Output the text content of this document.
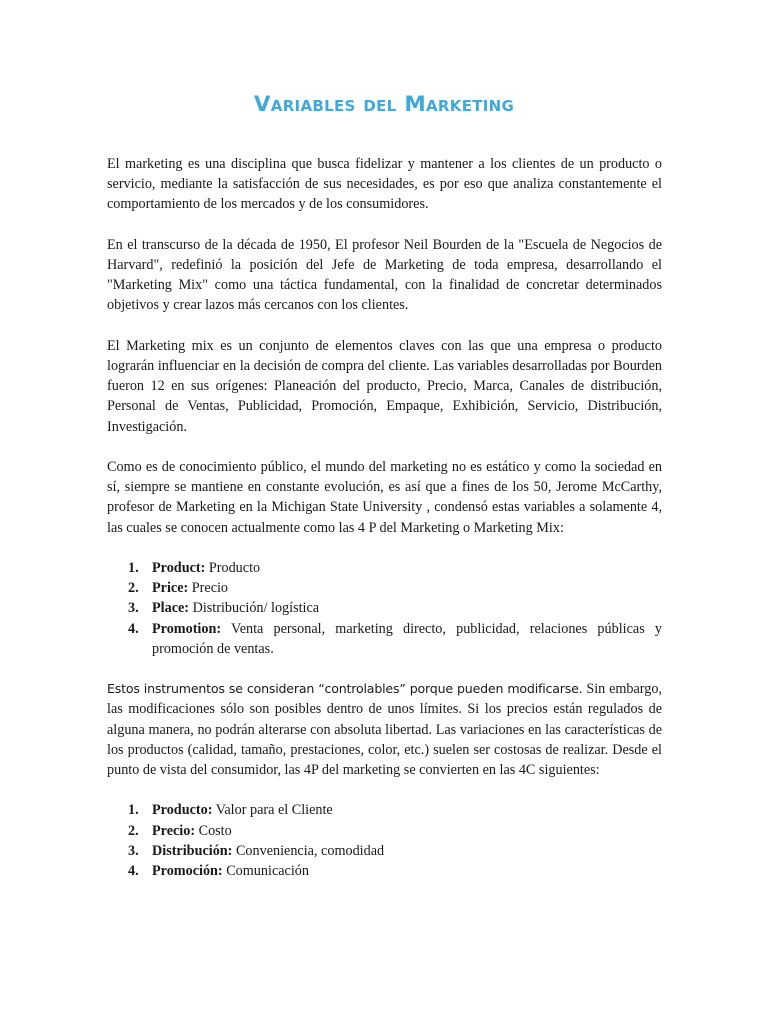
Variables del Marketing

El marketing es una disciplina que busca fidelizar y mantener a los clientes de un producto o servicio, mediante la satisfacción de sus necesidades, es por eso que analiza constantemente el comportamiento de los mercados y de los consumidores.

En el transcurso de la década de 1950, El profesor Neil Bourden de la "Escuela de Negocios de Harvard", redefinió la posición del Jefe de Marketing de toda empresa, desarrollando el "Marketing Mix" como una táctica fundamental, con la finalidad de concretar determinados objetivos y crear lazos más cercanos con los clientes.

El Marketing mix es un conjunto de elementos claves con las que una empresa o producto lograrán influenciar en la decisión de compra del cliente. Las variables desarrolladas por Bourden fueron 12 en sus orígenes: Planeación del producto, Precio, Marca, Canales de distribución, Personal de Ventas, Publicidad, Promoción, Empaque, Exhibición, Servicio, Distribución, Investigación.

Como es de conocimiento público, el mundo del marketing no es estático y como la sociedad en sí, siempre se mantiene en constante evolución, es así que a fines de los 50, Jerome McCarthy, profesor de Marketing en la Michigan State University , condensó estas variables a solamente 4, las cuales se conocen actualmente como las 4 P del Marketing o Marketing Mix:

1. Product: Producto
2. Price: Precio
3. Place: Distribución/ logística
4. Promotion: Venta personal, marketing directo, publicidad, relaciones públicas y promoción de ventas.

Estos instrumentos se consideran “controlables” porque pueden modificarse. Sin embargo, las modificaciones sólo son posibles dentro de unos límites. Si los precios están regulados de alguna manera, no podrán alterarse con absoluta libertad. Las variaciones en las características de los productos (calidad, tamaño, prestaciones, color, etc.) suelen ser costosas de realizar. Desde el punto de vista del consumidor, las 4P del marketing se convierten en las 4C siguientes:

1. Producto: Valor para el Cliente
2. Precio: Costo
3. Distribución: Conveniencia, comodidad
4. Promoción: Comunicación
